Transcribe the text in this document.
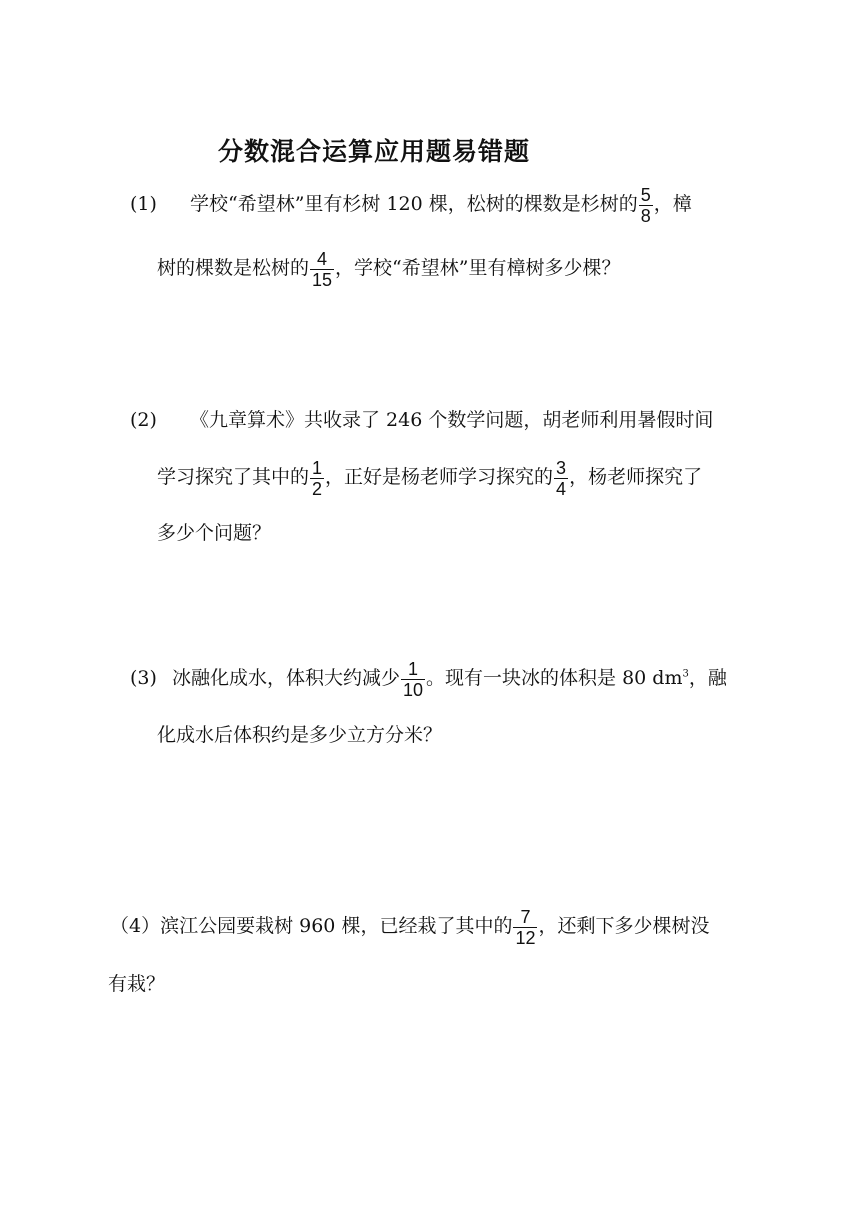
分数混合运算应用题易错题
(1) 学校“希望林”里有杉树 120 棵，松树的棵数是杉树的 $\frac{5}{8}$ ，樟
树的棵数是松树的 $\frac{4}{15}$ ，学校“希望林”里有樟树多少棵？
(2) 《九章算术》共收录了 246 个数学问题，胡老师利用暑假时间
学习探究了其中的 $\frac{1}{2}$ ，正好是杨老师学习探究的 $\frac{3}{4}$ ，杨老师探究了
多少个问题？
(3) 冰融化成水，体积大约减少 $\frac{1}{10}$ 。现有一块冰的体积是 80 $dm^3$，融
化成水后体积约是多少立方分米？
（4）滨江公园要栽树 960 棵，已经栽了其中的 $\frac{7}{12}$ ，还剩下多少棵树没
有栽？
